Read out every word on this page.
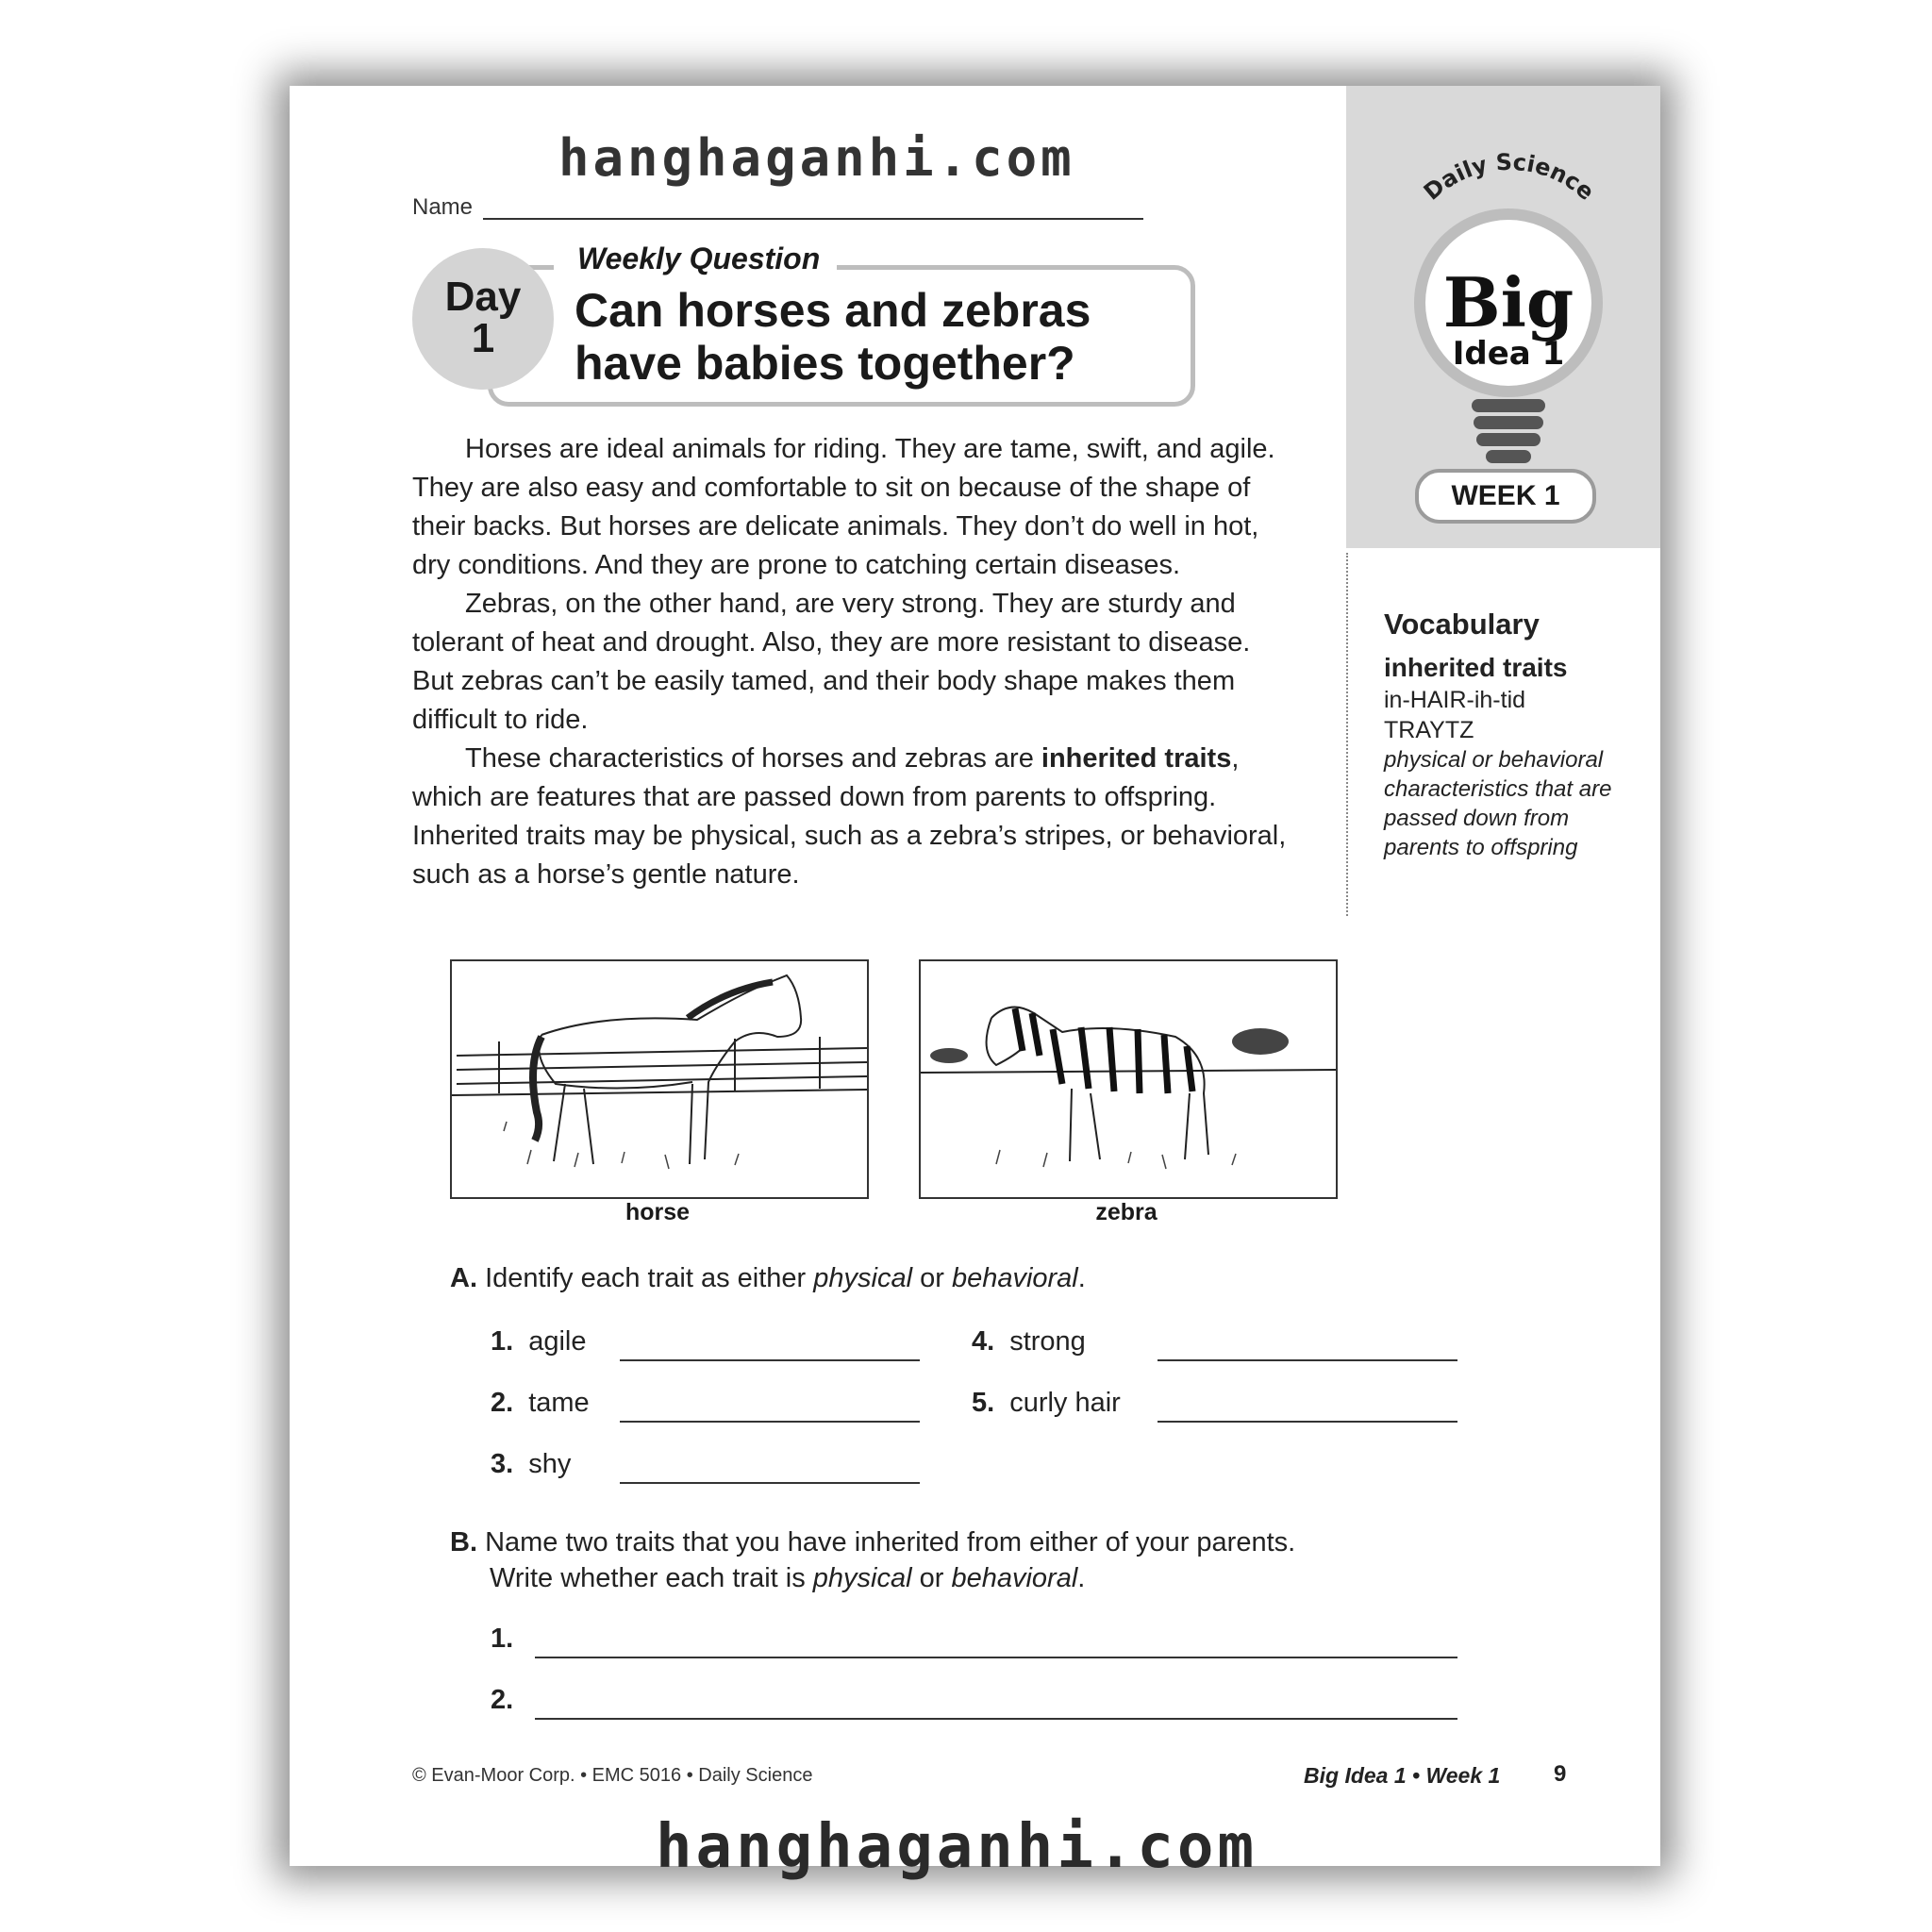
hanghaganhi.com
Name
Weekly Question
Can horses and zebras have babies together?
Day
1
Daily Science
Big
Idea 1
WEEK 1

Horses are ideal animals for riding. They are tame, swift, and agile. They are also easy and comfortable to sit on because of the shape of their backs. But horses are delicate animals. They don’t do well in hot, dry conditions. And they are prone to catching certain diseases.

Zebras, on the other hand, are very strong. They are sturdy and tolerant of heat and drought. Also, they are more resistant to disease. But zebras can’t be easily tamed, and their body shape makes them difficult to ride.

These characteristics of horses and zebras are inherited traits, which are features that are passed down from parents to offspring. Inherited traits may be physical, such as a zebra’s stripes, or behavioral, such as a horse’s gentle nature.

Vocabulary
inherited traits
in-HAIR-ih-tid
TRAYTZ
physical or behavioral characteristics that are passed down from parents to offspring
horse	zebra
A. Identify each trait as either physical or behavioral.
1. agile
2. tame
3. shy
4. strong
5. curly hair
B. Name two traits that you have inherited from either of your parents.
Write whether each trait is physical or behavioral.
1.
2.
© Evan-Moor Corp. • EMC 5016 • Daily Science	Big Idea 1 • Week 1 9
hanghaganhi.com
